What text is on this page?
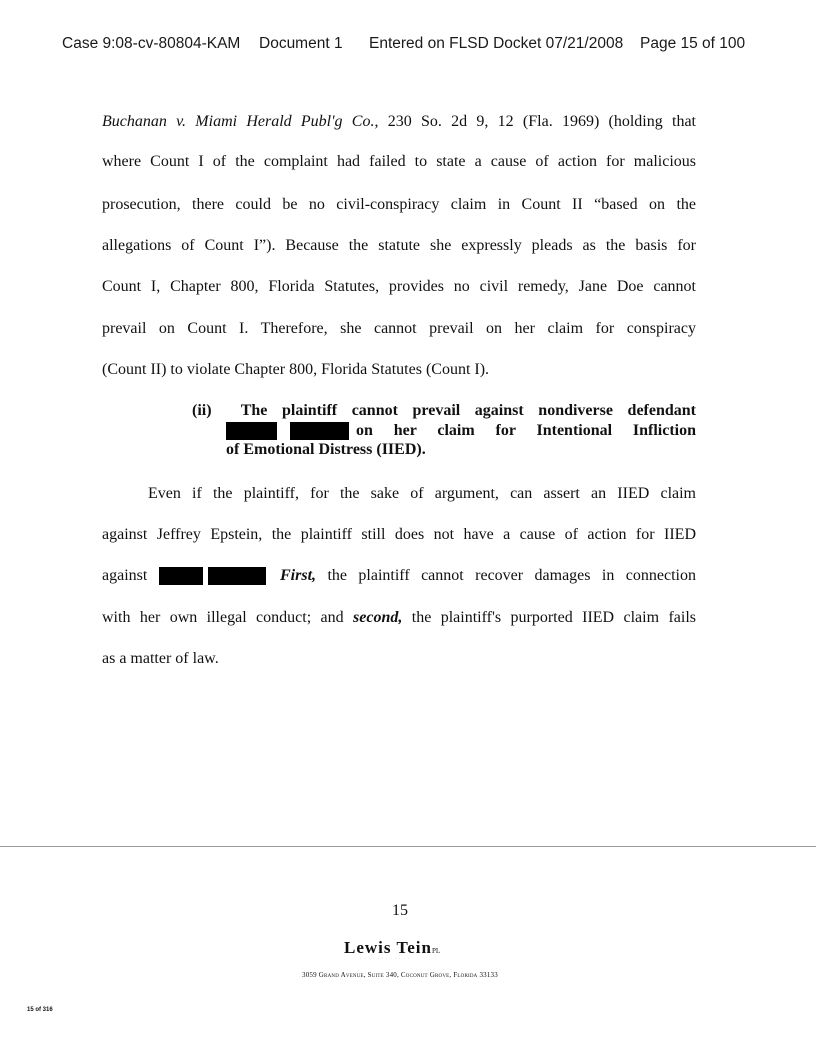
Case 9:08-cv-80804-KAM Document 1 Entered on FLSD Docket 07/21/2008 Page 15 of 100
Buchanan v. Miami Herald Publ'g Co., 230 So. 2d 9, 12 (Fla. 1969) (holding that
where Count I of the complaint had failed to state a cause of action for malicious
prosecution, there could be no civil-conspiracy claim in Count II “based on the
allegations of Count I”). Because the statute she expressly pleads as the basis for
Count I, Chapter 800, Florida Statutes, provides no civil remedy, Jane Doe cannot
prevail on Count I. Therefore, she cannot prevail on her claim for conspiracy
(Count II) to violate Chapter 800, Florida Statutes (Count I).
(ii) The plaintiff cannot prevail against nondiverse defendant

on her claim for Intentional Infliction
of Emotional Distress (IIED).
Even if the plaintiff, for the sake of argument, can assert an IIED claim
against Jeffrey Epstein, the plaintiff still does not have a cause of action for IIED
against	First, the plaintiff cannot recover damages in connection
with her own illegal conduct; and second, the plaintiff's purported IIED claim fails
as a matter of law.
15
Lewis TeinPL
· · · · · · · · · · · ·
3059 Grand Avenue, Suite 340, Coconut Grove, Florida 33133
15 of 316
